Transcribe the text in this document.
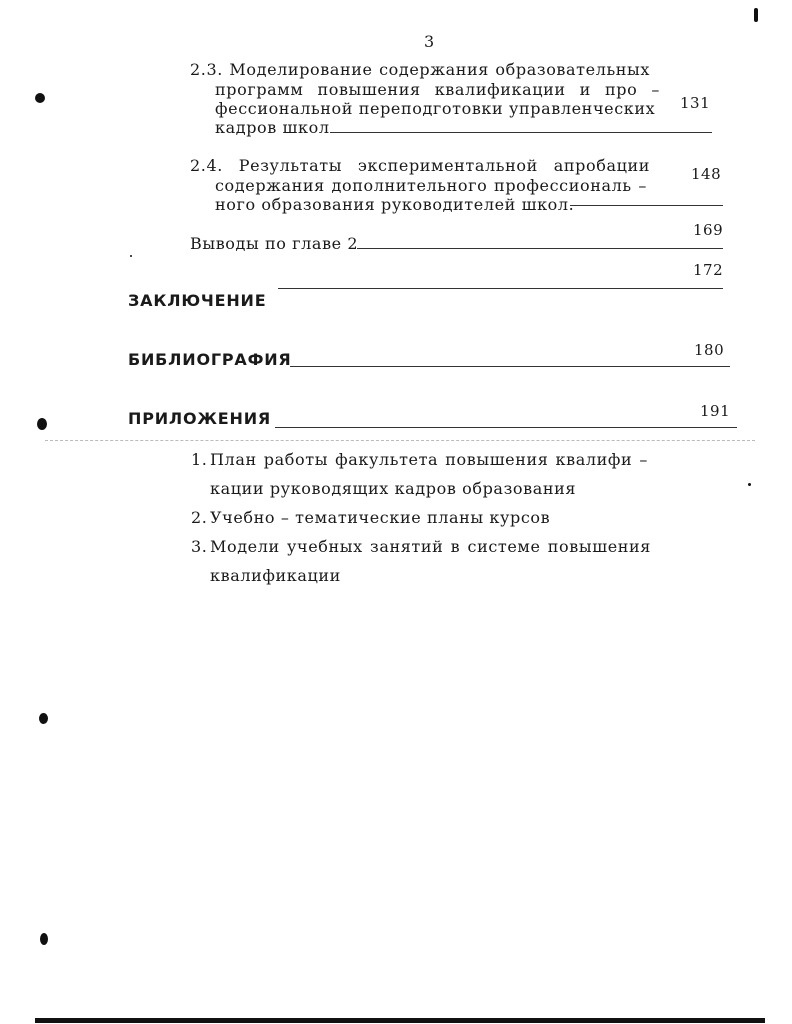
3
2.3. Моделирование содержания образовательных
программ повышения квалификации и про –
фессиональной переподготовки управленческих
кадров школ
131
2.4. Результаты экспериментальной апробации
содержания дополнительного профессиональ –
ного образования руководителей школ.
148
Выводы по главе 2
169
172
ЗАКЛЮЧЕНИЕ
БИБЛИОГРАФИЯ	180
ПРИЛОЖЕНИЯ	191
1. План работы факультета повышения квалифи –
кации руководящих кадров образования
2. Учебно – тематические планы курсов
3. Модели учебных занятий в системе повышения
квалификации
